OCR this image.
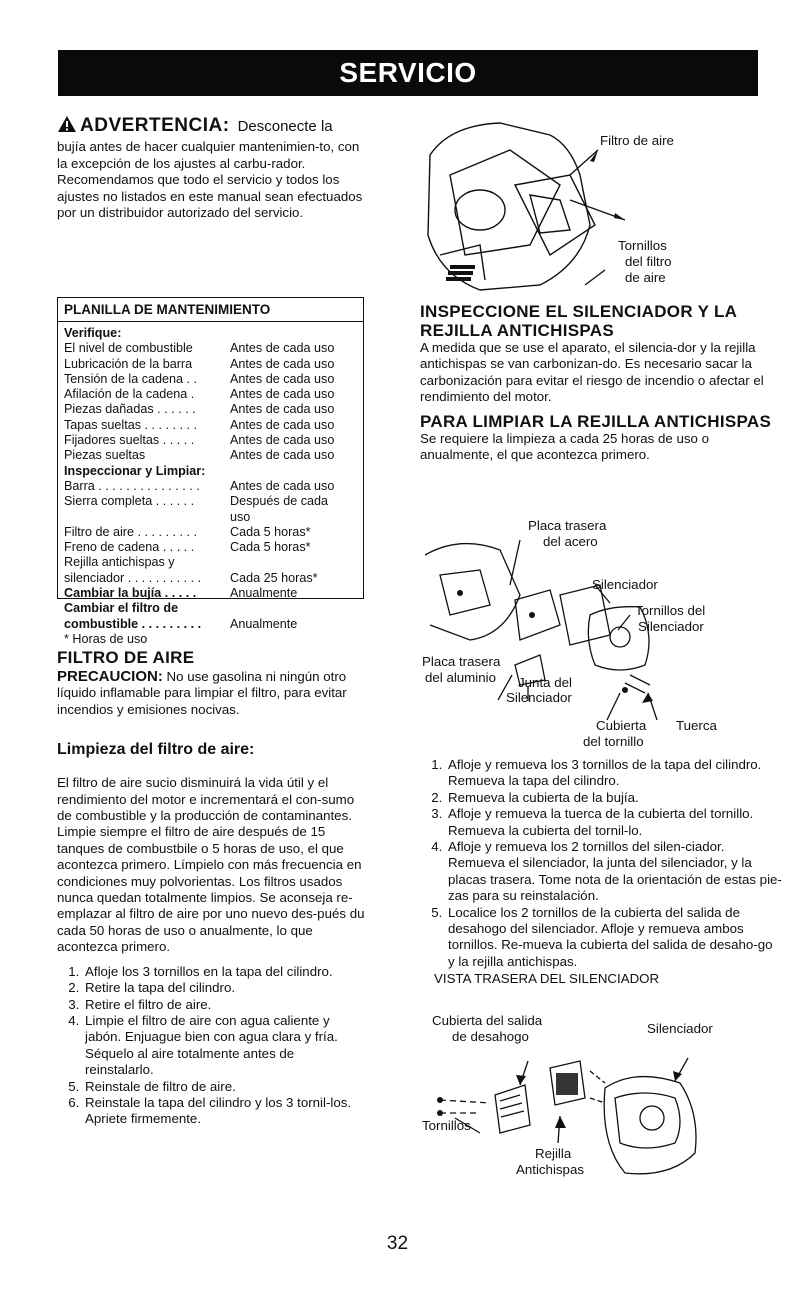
SERVICIO
ADVERTENCIA: Desconecte la

bujía antes de hacer cualquier mantenimien-to, con la excepción de los ajustes al carbu-rador.

Recomendamos que todo el servicio y todos los ajustes no listados en este manual sean efectuados por un distribuidor autorizado del servicio.

PLANILLA DE MANTENIMIENTO
Verifique:
El nivel de combustible	Antes de cada uso
Lubricación de la barra	Antes de cada uso
Tensión de la cadena . .	Antes de cada uso
Afilación de la cadena .	Antes de cada uso
Piezas dañadas . . . . . .	Antes de cada uso
Tapas sueltas . . . . . . . .	Antes de cada uso
Fijadores sueltas . . . . .	Antes de cada uso
Piezas sueltas	Antes de cada uso
Inspeccionar y Limpiar:
Barra . . . . . . . . . . . . . . .	Antes de cada uso
Sierra completa . . . . . .	Después de cada
uso
Filtro de aire . . . . . . . . .	Cada 5 horas*
Freno de cadena . . . . .	Cada 5 horas*
Rejilla antichispas y
silenciador . . . . . . . . . . .	Cada 25 horas*
Cambiar la bujía . . . . .	Anualmente
Cambiar el filtro de
combustible . . . . . . . . .	Anualmente
* Horas de uso
FILTRO DE AIRE

PRECAUCION: No use gasolina ni ningún otro líquido inflamable para limpiar el filtro, para evitar incendios y emisiones nocivas.

Limpieza del filtro de aire:

El filtro de aire sucio disminuirá la vida útil y el rendimiento del motor e incrementará el con-sumo de combustible y la producción de contaminantes. Limpie siempre el filtro de aire después de 15 tanques de combustbile o 5 horas de uso, el que acontezca primero. Límpielo con más frecuencia en condiciones muy polvorientas. Los filtros usados nunca quedan totalmente limpios. Se aconseja re-emplazar al filtro de aire por uno nuevo des-pués du cada 50 horas de uso o anualmente, lo que acontezca primero.

1. Afloje los 3 tornillos en la tapa del cilindro.
2. Retire la tapa del cilindro.
3. Retire el filtro de aire.
4. Limpie el filtro de aire con agua caliente y jabón. Enjuague bien con agua clara y fría. Séquelo al aire totalmente antes de reinstalarlo.
5. Reinstale de filtro de aire.
6. Reinstale la tapa del cilindro y los 3 tornil-los. Apriete firmemente.
Filtro de aire
Tornillos
del filtro
de aire
INSPECCIONE EL SILENCIADOR Y LA REJILLA ANTICHISPAS

A medida que se use el aparato, el silencia-dor y la rejilla antichispas se van carbonizan-do. Es necesario sacar la carbonización para evitar el riesgo de incendio o afectar el rendimiento del motor.

PARA LIMPIAR LA REJILLA ANTICHISPAS

Se requiere la limpieza a cada 25 horas de uso o anualmente, el que acontezca primero.

Placa trasera
del acero
Silenciador
Tornillos del
Silenciador
Placa trasera
del aluminio Junta del
Silenciador
Cubierta
del tornillo
Tuerca
1. Afloje y remueva los 3 tornillos de la tapa del cilindro. Remueva la tapa del cilindro.
2. Remueva la cubierta de la bujía.
3. Afloje y remueva la tuerca de la cubierta del tornillo. Remueva la cubierta del tornil-lo.
4. Afloje y remueva los 2 tornillos del silen-ciador. Remueva el silenciador, la junta del silenciador, y la placas trasera. Tome nota de la orientación de estas pie-zas para su reinstalación.
5. Localice los 2 tornillos de la cubierta del salida de desahogo del silenciador. Afloje y remueva ambos tornillos. Re-mueva la cubierta del salida de desaho-go y la rejilla antichispas.
VISTA TRASERA DEL SILENCIADOR
Cubierta del salida
de desahogo
Silenciador
Tornillos
Rejilla
Antichispas
32
